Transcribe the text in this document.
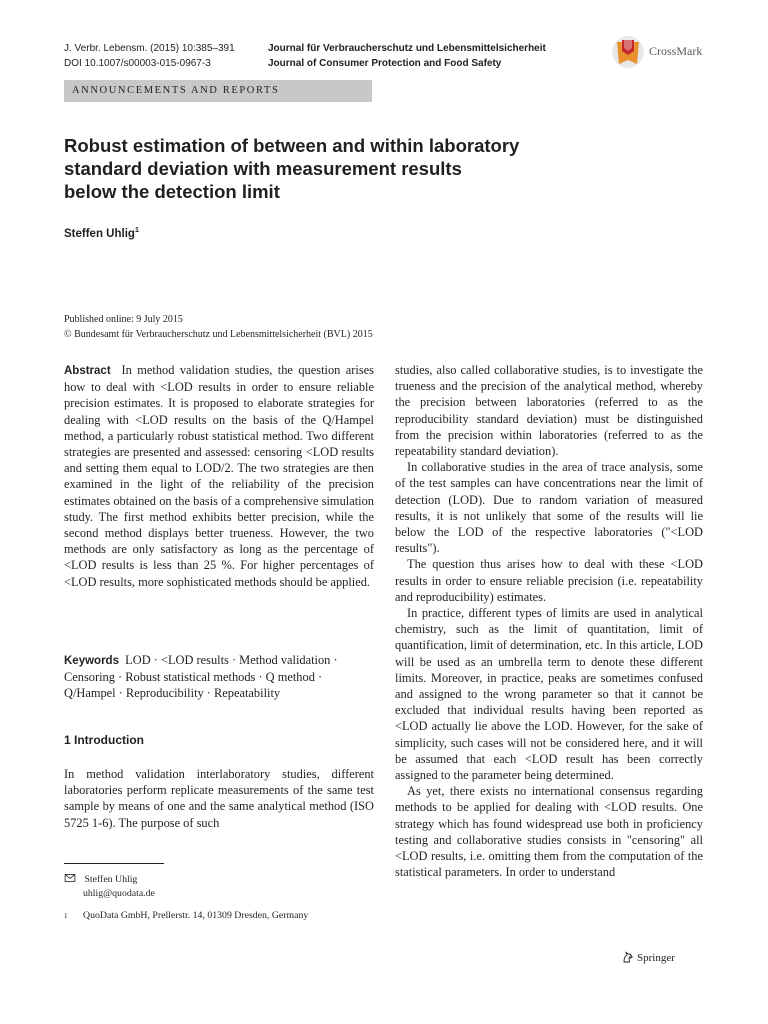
J. Verbr. Lebensm. (2015) 10:385–391
DOI 10.1007/s00003-015-0967-3
Journal für Verbraucherschutz und Lebensmittelsicherheit
Journal of Consumer Protection and Food Safety
CrossMark
ANNOUNCEMENTS AND REPORTS
Robust estimation of between and within laboratory
standard deviation with measurement results
below the detection limit
Steffen Uhlig$^1$
Published online: 9 July 2015
© Bundesamt für Verbraucherschutz und Lebensmittelsicherheit (BVL) 2015

Abstract In method validation studies, the question arises how to deal with <LOD results in order to ensure reliable precision estimates. It is proposed to elaborate strategies for dealing with <LOD results on the basis of the Q/Hampel method, a particularly robust statistical method. Two different strategies are presented and assessed: censoring <LOD results and setting them equal to LOD/2. The two strategies are then examined in the light of the reliability of the precision estimates obtained on the basis of a comprehensive simulation study. The first method exhibits better precision, while the second method displays better trueness. However, the two methods are only satisfactory as long as the percentage of <LOD results is less than 25 %. For higher percentages of <LOD results, more sophisticated methods should be applied.

Keywords LOD · <LOD results · Method validation · Censoring · Robust statistical methods · Q method · Q/Hampel · Reproducibility · Repeatability
1 Introduction

In method validation interlaboratory studies, different laboratories perform replicate measurements of the same test sample by means of one and the same analytical method (ISO 5725 1-6). The purpose of such

studies, also called collaborative studies, is to investigate the trueness and the precision of the analytical method, whereby the precision between laboratories (referred to as the reproducibility standard deviation) must be distinguished from the precision within laboratories (referred to as the repeatability standard deviation).

In collaborative studies in the area of trace analysis, some of the test samples can have concentrations near the limit of detection (LOD). Due to random variation of measured results, it is not unlikely that some of the results will lie below the LOD of the respective laboratories ("<LOD results").

The question thus arises how to deal with these <LOD results in order to ensure reliable precision (i.e. repeatability and reproducibility) estimates.

In practice, different types of limits are used in analytical chemistry, such as the limit of quantitation, limit of quantification, limit of determination, etc. In this article, LOD will be used as an umbrella term to denote these different limits. Moreover, in practice, peaks are sometimes confused and assigned to the wrong parameter so that it cannot be excluded that individual results having been reported as <LOD actually lie above the LOD. However, for the sake of simplicity, such cases will not be considered here, and it will be assumed that each <LOD result has been correctly assigned to the parameter being determined.

As yet, there exists no international consensus regarding methods to be applied for dealing with <LOD results. One strategy which has found widespread use both in proficiency testing and collaborative studies consists in "censoring" all <LOD results, i.e. omitting them from the computation of the statistical parameters. In order to understand

Steffen Uhlig
uhlig@quodata.de
1 QuoData GmbH, Prellerstr. 14, 01309 Dresden, Germany
Springer
